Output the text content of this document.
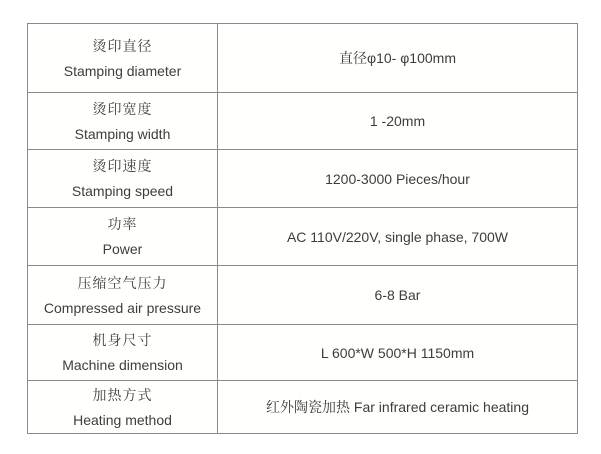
烫印直径
Stamping diameter
直径φ10- φ100mm
烫印宽度
Stamping width
1 -20mm
烫印速度
Stamping speed
1200-3000 Pieces/hour
功率
Power
AC 110V/220V, single phase, 700W
压缩空气压力
Compressed air pressure
6-8 Bar
机身尺寸
Machine dimension
L 600*W 500*H 1150mm
加热方式
Heating method
红外陶瓷加热 Far infrared ceramic heating
